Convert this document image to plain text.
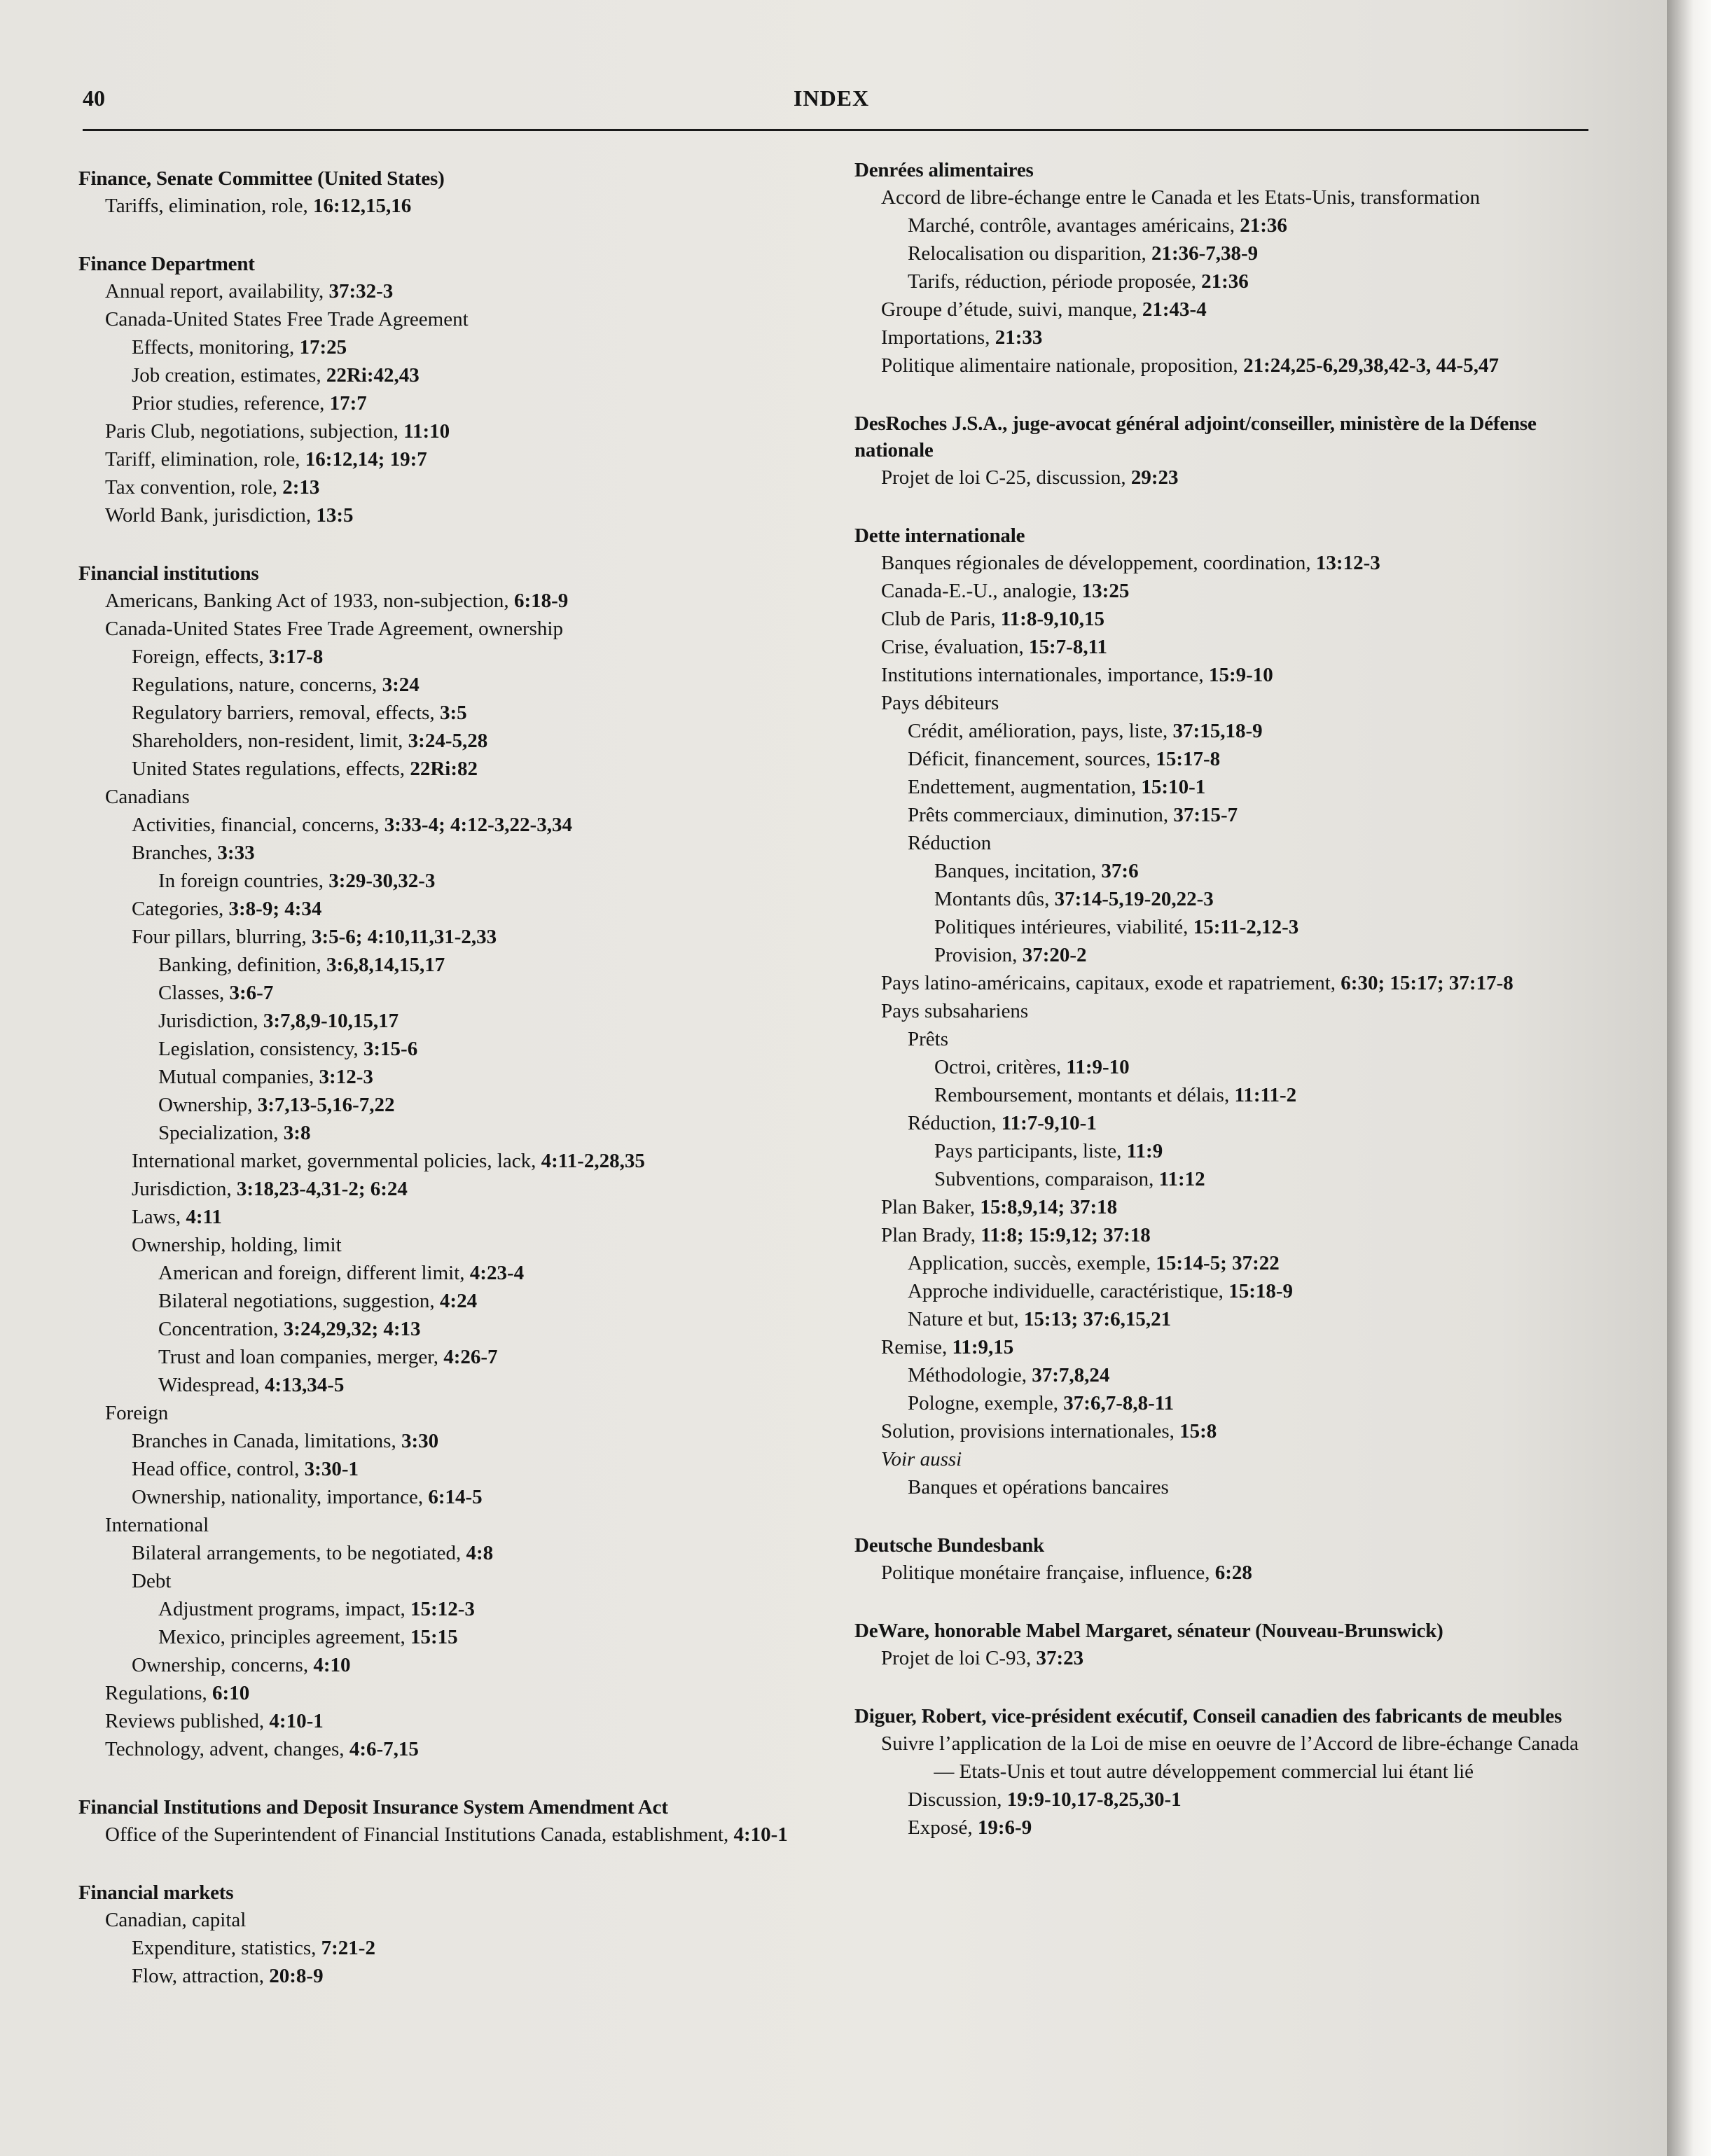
40	INDEX
Finance, Senate Committee (United States)
Tariffs, elimination, role, 16:12,15,16
Finance Department
Annual report, availability, 37:32-3
Canada-United States Free Trade Agreement
Effects, monitoring, 17:25
Job creation, estimates, 22Ri:42,43
Prior studies, reference, 17:7
Paris Club, negotiations, subjection, 11:10
Tariff, elimination, role, 16:12,14; 19:7
Tax convention, role, 2:13
World Bank, jurisdiction, 13:5
Financial institutions
Americans, Banking Act of 1933, non-subjection, 6:18-9
Canada-United States Free Trade Agreement, ownership
Foreign, effects, 3:17-8
Regulations, nature, concerns, 3:24
Regulatory barriers, removal, effects, 3:5
Shareholders, non-resident, limit, 3:24-5,28
United States regulations, effects, 22Ri:82
Canadians
Activities, financial, concerns, 3:33-4; 4:12-3,22-3,34
Branches, 3:33
In foreign countries, 3:29-30,32-3
Categories, 3:8-9; 4:34
Four pillars, blurring, 3:5-6; 4:10,11,31-2,33
Banking, definition, 3:6,8,14,15,17
Classes, 3:6-7
Jurisdiction, 3:7,8,9-10,15,17
Legislation, consistency, 3:15-6
Mutual companies, 3:12-3
Ownership, 3:7,13-5,16-7,22
Specialization, 3:8
International market, governmental policies, lack, 4:11-2,28,35
Jurisdiction, 3:18,23-4,31-2; 6:24
Laws, 4:11
Ownership, holding, limit
American and foreign, different limit, 4:23-4
Bilateral negotiations, suggestion, 4:24
Concentration, 3:24,29,32; 4:13
Trust and loan companies, merger, 4:26-7
Widespread, 4:13,34-5
Foreign
Branches in Canada, limitations, 3:30
Head office, control, 3:30-1
Ownership, nationality, importance, 6:14-5
International
Bilateral arrangements, to be negotiated, 4:8
Debt
Adjustment programs, impact, 15:12-3
Mexico, principles agreement, 15:15
Ownership, concerns, 4:10
Regulations, 6:10
Reviews published, 4:10-1
Technology, advent, changes, 4:6-7,15
Financial Institutions and Deposit Insurance System Amendment Act
Office of the Superintendent of Financial Institutions Canada, establishment, 4:10-1
Financial markets
Canadian, capital
Expenditure, statistics, 7:21-2
Flow, attraction, 20:8-9
Denrées alimentaires
Accord de libre-échange entre le Canada et les Etats-Unis, transformation
Marché, contrôle, avantages américains, 21:36
Relocalisation ou disparition, 21:36-7,38-9
Tarifs, réduction, période proposée, 21:36
Groupe d’étude, suivi, manque, 21:43-4
Importations, 21:33
Politique alimentaire nationale, proposition, 21:24,25-6,29,38,42-3, 44-5,47
DesRoches J.S.A., juge-avocat général adjoint/conseiller, ministère de la Défense nationale
Projet de loi C-25, discussion, 29:23
Dette internationale
Banques régionales de développement, coordination, 13:12-3
Canada-E.-U., analogie, 13:25
Club de Paris, 11:8-9,10,15
Crise, évaluation, 15:7-8,11
Institutions internationales, importance, 15:9-10
Pays débiteurs
Crédit, amélioration, pays, liste, 37:15,18-9
Déficit, financement, sources, 15:17-8
Endettement, augmentation, 15:10-1
Prêts commerciaux, diminution, 37:15-7
Réduction
Banques, incitation, 37:6
Montants dûs, 37:14-5,19-20,22-3
Politiques intérieures, viabilité, 15:11-2,12-3
Provision, 37:20-2
Pays latino-américains, capitaux, exode et rapatriement, 6:30; 15:17; 37:17-8
Pays subsahariens
Prêts
Octroi, critères, 11:9-10
Remboursement, montants et délais, 11:11-2
Réduction, 11:7-9,10-1
Pays participants, liste, 11:9
Subventions, comparaison, 11:12
Plan Baker, 15:8,9,14; 37:18
Plan Brady, 11:8; 15:9,12; 37:18
Application, succès, exemple, 15:14-5; 37:22
Approche individuelle, caractéristique, 15:18-9
Nature et but, 15:13; 37:6,15,21
Remise, 11:9,15
Méthodologie, 37:7,8,24
Pologne, exemple, 37:6,7-8,8-11
Solution, provisions internationales, 15:8
Voir aussi
Banques et opérations bancaires
Deutsche Bundesbank
Politique monétaire française, influence, 6:28
DeWare, honorable Mabel Margaret, sénateur (Nouveau-Brunswick)
Projet de loi C-93, 37:23
Diguer, Robert, vice-président exécutif, Conseil canadien des fabricants de meubles
Suivre l’application de la Loi de mise en oeuvre de l’Accord de libre-échange Canada — Etats-Unis et tout autre développement commercial lui étant lié
Discussion, 19:9-10,17-8,25,30-1
Exposé, 19:6-9
